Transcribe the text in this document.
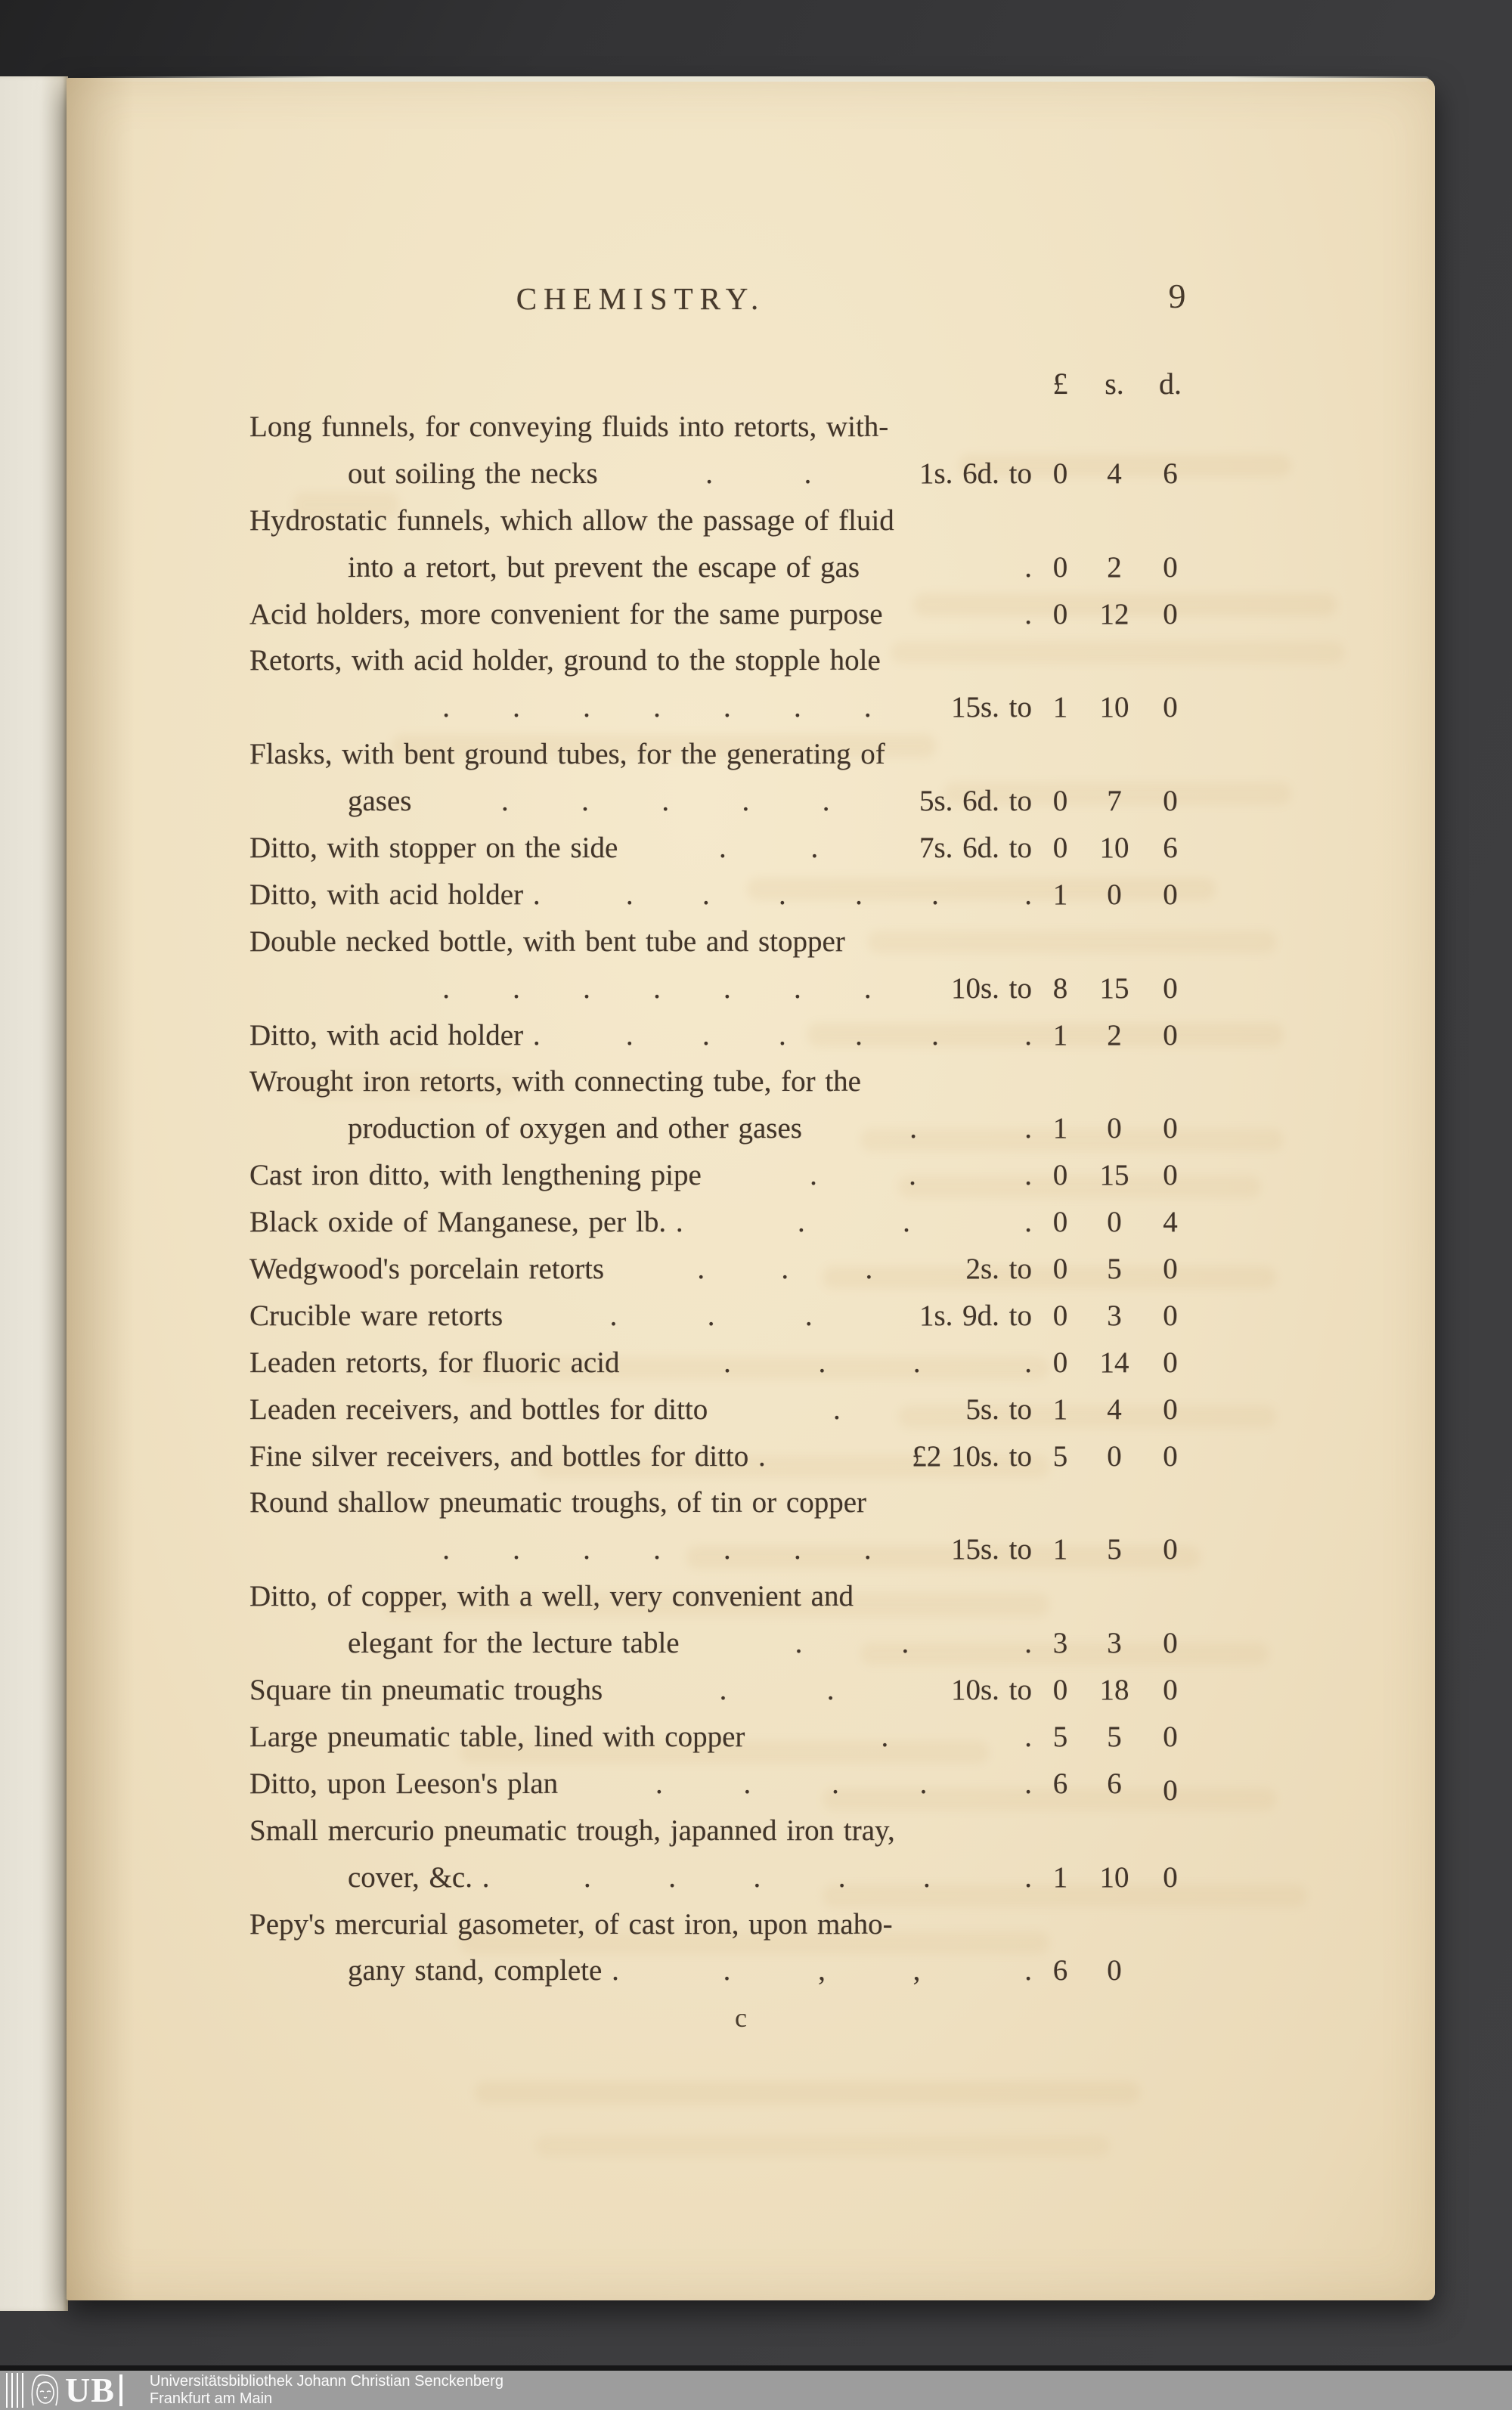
CHEMISTRY.	9
£	s.	d.
Long funnels, for conveying fluids into retorts, with-
out soiling the necks	.	.	1s. 6d. to 0	4	6
Hydrostatic funnels, which allow the passage of fluid
into a retort, but prevent the escape of gas	. 0	2	0
Acid holders, more convenient for the same purpose	. 0	12	0
Retorts, with acid holder, ground to the stopple hole
. . . . . . .	15s. to 1	10	0
Flasks, with bent ground tubes, for the generating of
gases	. . . . .	5s. 6d. to 0	7	0
Ditto, with stopper on the side	.	.	7s. 6d. to 0	10	6
Ditto, with acid holder .	. . . . .	. 1	0	0
Double necked bottle, with bent tube and stopper
. . . . . . .	10s. to 8	15	0
Ditto, with acid holder .	. . . . .	. 1	2	0
Wrought iron retorts, with connecting tube, for the
production of oxygen and other gases	.	. 1	0	0
Cast iron ditto, with lengthening pipe	.	.	. 0	15	0
Black oxide of Manganese, per lb. .	.	.	. 0	0	4
Wedgwood's porcelain retorts	.	.	.	2s. to 0	5	0
Crucible ware retorts	.	.	.	1s. 9d. to 0	3	0
Leaden retorts, for fluoric acid	.	.	.	. 0	14	0
Leaden receivers, and bottles for ditto	.	5s. to 1	4	0
Fine silver receivers, and bottles for ditto .	£2 10s. to 5	0	0
Round shallow pneumatic troughs, of tin or copper
. . . . . . .	15s. to 1	5	0
Ditto, of copper, with a well, very convenient and
elegant for the lecture table	.	.	. 3	3	0
Square tin pneumatic troughs	.	.	10s. to 0	18	0
Large pneumatic table, lined with copper	.	. 5	5	0
Ditto, upon Leeson's plan	.	.	.	.	. 6	6	0
Small mercurio pneumatic trough, japanned iron tray,
cover, &c. .	.	.	.	.	.	. 1	10	0
Pepy's mercurial gasometer, of cast iron, upon maho-
gany stand, complete .	.	,	,	. 6	0
c
UB Universitätsbibliothek Johann Christian Senckenberg
Frankfurt am Main
